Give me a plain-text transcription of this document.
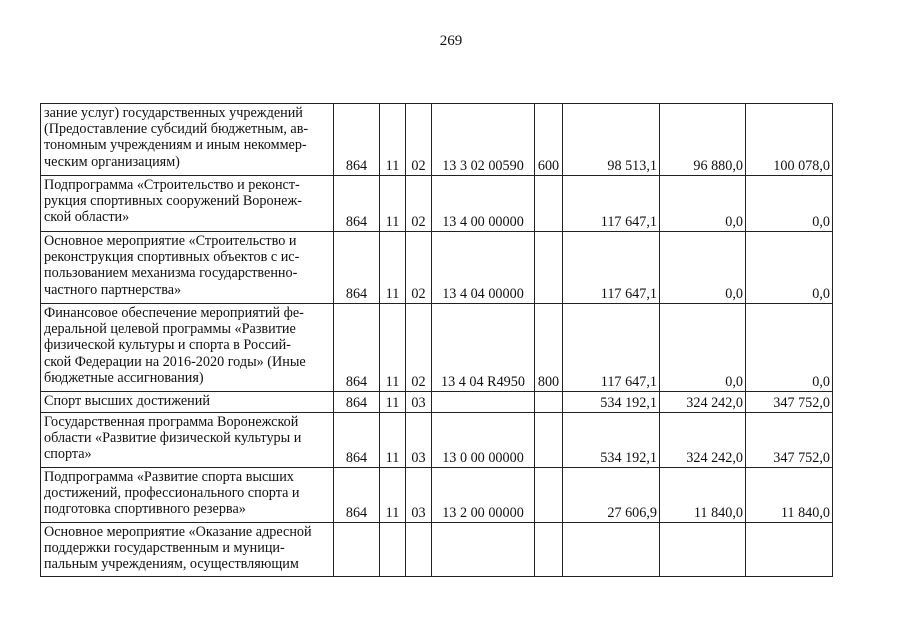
269
зание услуг) государственных учреждений
(Предоставление субсидий бюджетным, ав-
тономным учреждениям и иным некоммер-
ческим организациям)	864	11	02	13 3 02 00590	600	98 513,1	96 880,0	100 078,0

Подпрограмма «Строительство и реконст-
рукция спортивных сооружений Воронеж-
ской области»	864	11	02	13 4 00 00000		117 647,1	0,0	0,0

Основное мероприятие «Строительство и
реконструкция спортивных объектов с ис-
пользованием механизма государственно-
частного партнерства»	864	11	02	13 4 04 00000		117 647,1	0,0	0,0

Финансовое обеспечение мероприятий фе-
деральной целевой программы «Развитие
физической культуры и спорта в Россий-
ской Федерации на 2016-2020 годы» (Иные
бюджетные ассигнования)	864	11	02	13 4 04 R4950	800	117 647,1	0,0	0,0

Спорт высших достижений	864	11	03			534 192,1	324 242,0	347 752,0

Государственная программа Воронежской
области «Развитие физической культуры и
спорта»	864	11	03	13 0 00 00000		534 192,1	324 242,0	347 752,0

Подпрограмма «Развитие спорта высших
достижений, профессионального спорта и
подготовка спортивного резерва»	864	11	03	13 2 00 00000		27 606,9	11 840,0	11 840,0

Основное мероприятие «Оказание адресной
поддержки государственным и муници-
пальным учреждениям, осуществляющим								
